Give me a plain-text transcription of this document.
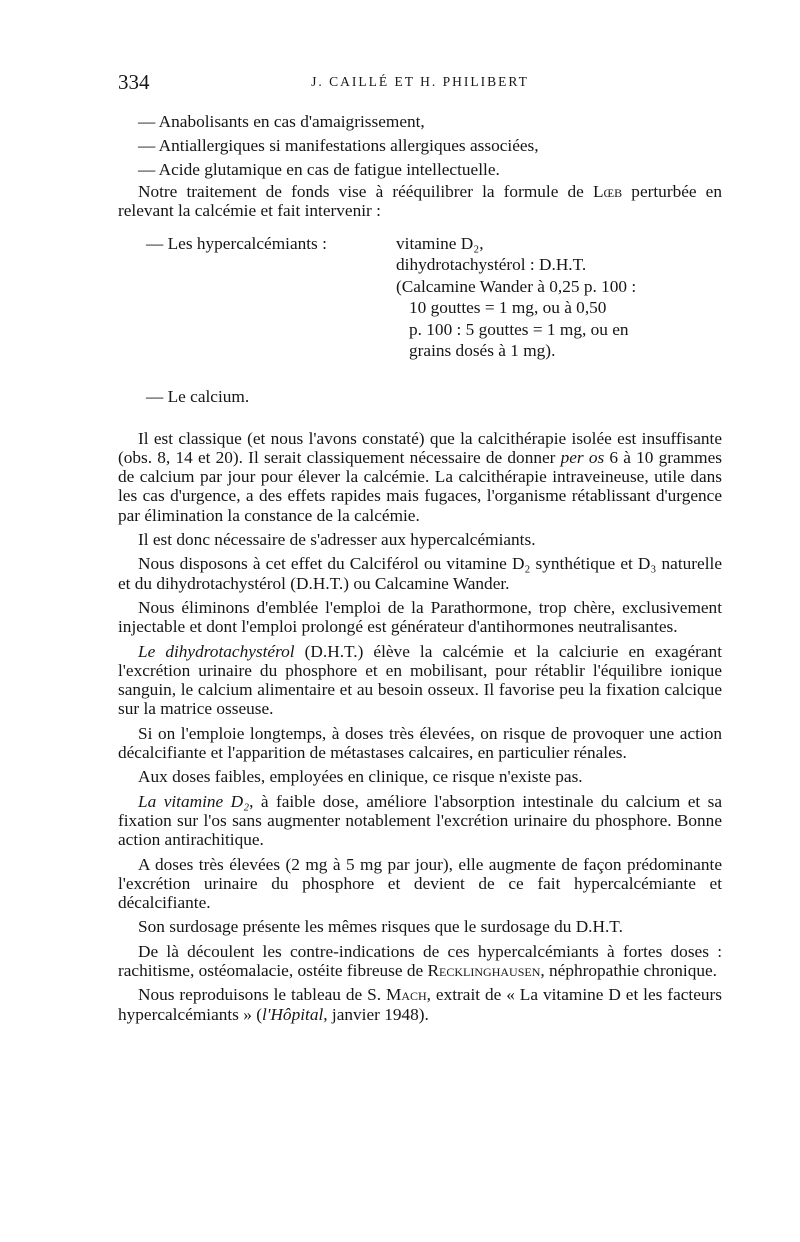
334	J. CAILLÉ ET H. PHILIBERT
— Anabolisants en cas d'amaigrissement,
— Antiallergiques si manifestations allergiques associées,
— Acide glutamique en cas de fatigue intellectuelle.

Notre traitement de fonds vise à rééquilibrer la formule de Lœb perturbée en relevant la calcémie et fait intervenir :

— Les hypercalcémiants :	vitamine D₂,
dihydrotachystérol : D.H.T.
(Calcamine Wander à 0,25 p. 100 :
10 gouttes = 1 mg, ou à 0,50
p. 100 : 5 gouttes = 1 mg, ou en
grains dosés à 1 mg).
— Le calcium.

Il est classique (et nous l'avons constaté) que la calcithérapie isolée est insuffisante (obs. 8, 14 et 20). Il serait classiquement nécessaire de donner per os 6 à 10 grammes de calcium par jour pour élever la calcémie. La calcithérapie intraveineuse, utile dans les cas d'urgence, a des effets rapides mais fugaces, l'organisme rétablissant d'urgence par élimination la constance de la calcémie.

Il est donc nécessaire de s'adresser aux hypercalcémiants.

Nous disposons à cet effet du Calciférol ou vitamine D₂ synthétique et D₃ naturelle et du dihydrotachystérol (D.H.T.) ou Calcamine Wander.

Nous éliminons d'emblée l'emploi de la Parathormone, trop chère, exclusivement injectable et dont l'emploi prolongé est générateur d'antihormones neutralisantes.

Le dihydrotachystérol (D.H.T.) élève la calcémie et la calciurie en exagérant l'excrétion urinaire du phosphore et en mobilisant, pour rétablir l'équilibre ionique sanguin, le calcium alimentaire et au besoin osseux. Il favorise peu la fixation calcique sur la matrice osseuse.

Si on l'emploie longtemps, à doses très élevées, on risque de provoquer une action décalcifiante et l'apparition de métastases calcaires, en particulier rénales.

Aux doses faibles, employées en clinique, ce risque n'existe pas.

La vitamine D₂, à faible dose, améliore l'absorption intestinale du calcium et sa fixation sur l'os sans augmenter notablement l'excrétion urinaire du phosphore. Bonne action antirachitique.

A doses très élevées (2 mg à 5 mg par jour), elle augmente de façon prédominante l'excrétion urinaire du phosphore et devient de ce fait hypercalcémiante et décalcifiante.

Son surdosage présente les mêmes risques que le surdosage du D.H.T.

De là découlent les contre-indications de ces hypercalcémiants à fortes doses : rachitisme, ostéomalacie, ostéite fibreuse de Recklinghausen, néphropathie chronique.

Nous reproduisons le tableau de S. Mach, extrait de « La vitamine D et les facteurs hypercalcémiants » (l'Hôpital, janvier 1948).
